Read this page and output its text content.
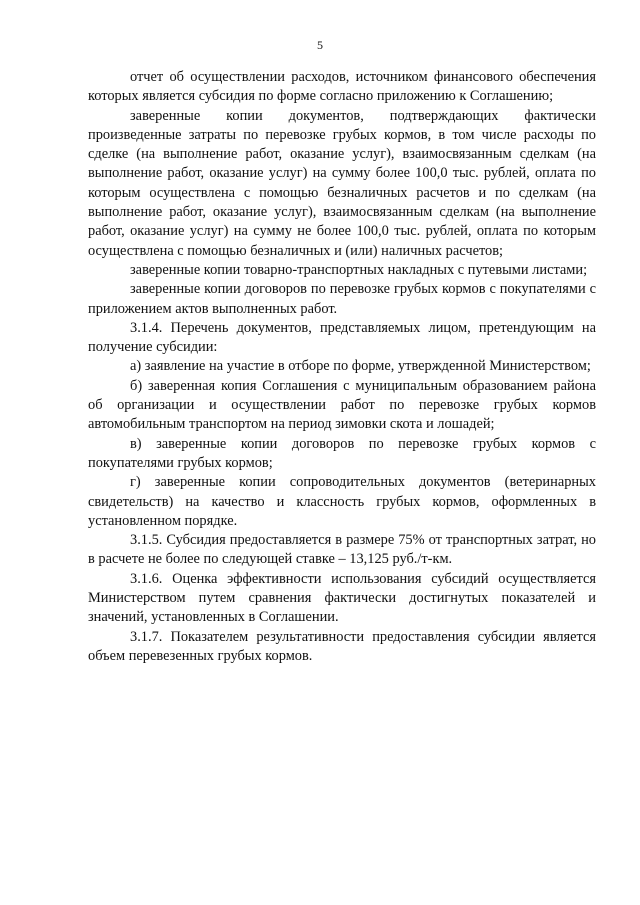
5

отчет об осуществлении расходов, источником финансового обеспечения которых является субсидия по форме согласно приложению к Соглашению;

заверенные копии документов, подтверждающих фактически произведенные затраты по перевозке грубых кормов, в том числе расходы по сделке (на выполнение работ, оказание услуг), взаимосвязанным сделкам (на выполнение работ, оказание услуг) на сумму более 100,0 тыс. рублей, оплата по которым осуществлена с помощью безналичных расчетов и по сделкам (на выполнение работ, оказание услуг), взаимосвязанным сделкам (на выполнение работ, оказание услуг) на сумму не более 100,0 тыс. рублей, оплата по которым осуществлена с помощью безналичных и (или) наличных расчетов;

заверенные копии товарно-транспортных накладных с путевыми листами;

заверенные копии договоров по перевозке грубых кормов с покупателями с приложением актов выполненных работ.

3.1.4. Перечень документов, представляемых лицом, претендующим на получение субсидии:

а) заявление на участие в отборе по форме, утвержденной Министерством;

б) заверенная копия Соглашения с муниципальным образованием района об организации и осуществлении работ по перевозке грубых кормов автомобильным транспортом на период зимовки скота и лошадей;

в) заверенные копии договоров по перевозке грубых кормов с покупателями грубых кормов;

г) заверенные копии сопроводительных документов (ветеринарных свидетельств) на качество и классность грубых кормов, оформленных в установленном порядке.

3.1.5. Субсидия предоставляется в размере 75% от транспортных затрат, но в расчете не более по следующей ставке – 13,125 руб./т-км.

3.1.6. Оценка эффективности использования субсидий осуществляется Министерством путем сравнения фактически достигнутых показателей и значений, установленных в Соглашении.

3.1.7. Показателем результативности предоставления субсидии является объем перевезенных грубых кормов.
